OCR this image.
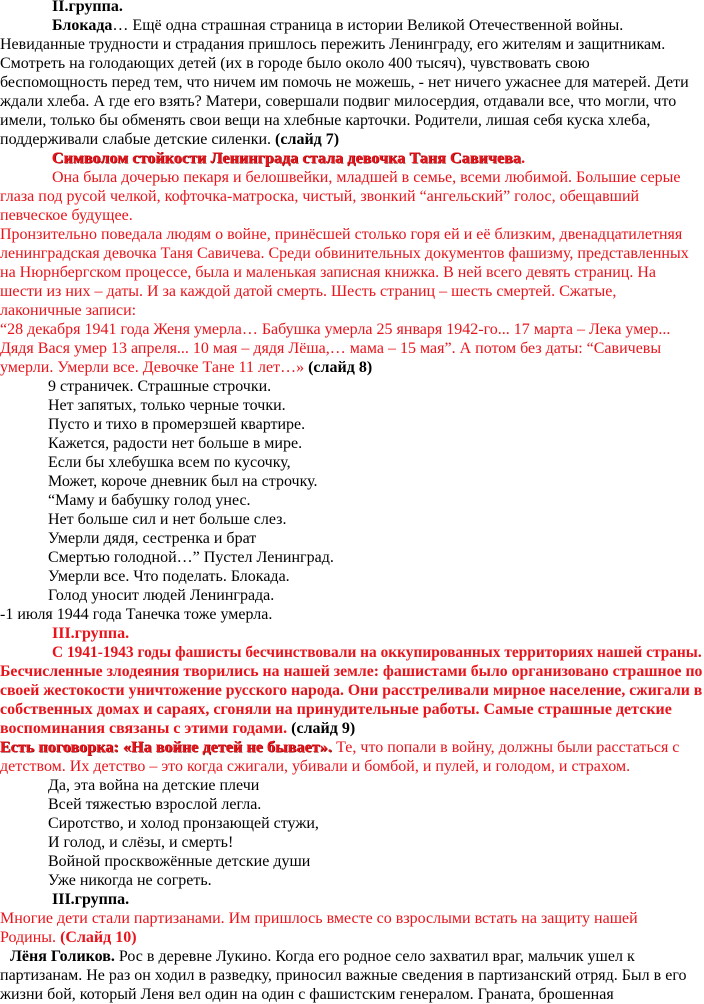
II.группа.
Блокада… Ещё одна страшная страница в истории Великой Отечественной войны.
Невиданные трудности и страдания пришлось пережить Ленинграду, его жителям и защитникам.
Смотреть на голодающих детей (их в городе было около 400 тысяч), чувствовать свою
беспомощность перед тем, что ничем им помочь не можешь, - нет ничего ужаснее для матерей. Дети
ждали хлеба. А где его взять? Матери, совершали подвиг милосердия, отдавали все, что могли, что
имели, только бы обменять свои вещи на хлебные карточки. Родители, лишая себя куска хлеба,
поддерживали слабые детские силенки. (слайд 7)
Символом стойкости Ленинграда стала девочка Таня Савичева.
Она была дочерью пекаря и белошвейки, младшей в семье, всеми любимой. Большие серые
глаза под русой челкой, кофточка-матроска, чистый, звонкий “ангельский” голос, обещавший
певческое будущее.
Пронзительно поведала людям о войне, принёсшей столько горя ей и её близким, двенадцатилетняя
ленинградская девочка Таня Савичева. Среди обвинительных документов фашизму, представленных
на Нюрнбергском процессе, была и маленькая записная книжка. В ней всего девять страниц. На
шести из них – даты. И за каждой датой смерть. Шесть страниц – шесть смертей. Сжатые,
лаконичные записи:
“28 декабря 1941 года Женя умерла… Бабушка умерла 25 января 1942-го... 17 марта – Лека умер...
Дядя Вася умер 13 апреля... 10 мая – дядя Лёша,… мама – 15 мая”. А потом без даты: “Савичевы
умерли. Умерли все. Девочке Тане 11 лет…» (слайд 8)
9 страничек. Страшные строчки.
Нет запятых, только черные точки.
Пусто и тихо в промерзшей квартире.
Кажется, радости нет больше в мире.
Если бы хлебушка всем по кусочку,
Может, короче дневник был на строчку.
“Маму и бабушку голод унес.
Нет больше сил и нет больше слез.
Умерли дядя, сестренка и брат
Смертью голодной…” Пустел Ленинград.
Умерли все. Что поделать. Блокада.
Голод уносит людей Ленинграда.
-1 июля 1944 года Танечка тоже умерла.
III.группа.
С 1941-1943 годы фашисты бесчинствовали на оккупированных территориях нашей страны.
Бесчисленные злодеяния творились на нашей земле: фашистами было организовано страшное по
своей жестокости уничтожение русского народа. Они расстреливали мирное население, сжигали в
собственных домах и сараях, сгоняли на принудительные работы. Самые страшные детские
воспоминания связаны с этими годами. (слайд 9)
Есть поговорка: «На войне детей не бывает». Те, что попали в войну, должны были расстаться с
детством. Их детство – это когда сжигали, убивали и бомбой, и пулей, и голодом, и страхом.
Да, эта война на детские плечи
Всей тяжестью взрослой легла.
Сиротство, и холод пронзающей стужи,
И голод, и слёзы, и смерть!
Войной просквожённые детские души
Уже никогда не согреть.
III.группа.
Многие дети стали партизанами. Им пришлось вместе со взрослыми встать на защиту нашей
Родины. (Слайд 10)
Лёня Голиков. Рос в деревне Лукино. Когда его родное село захватил враг, мальчик ушел к
партизанам. Не раз он ходил в разведку, приносил важные сведения в партизанский отряд. Был в его
жизни бой, который Леня вел один на один с фашистским генералом. Граната, брошенная
